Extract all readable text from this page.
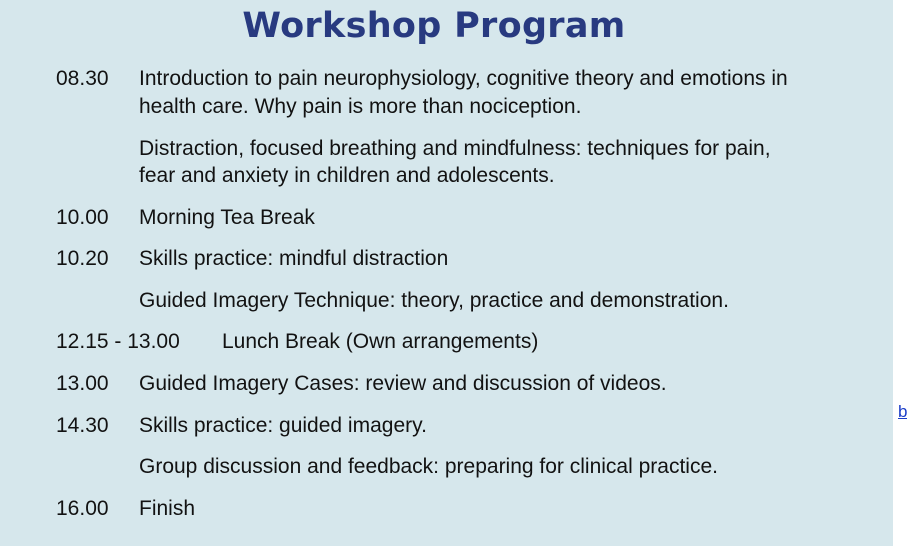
Workshop Program
08.30 Introduction to pain neurophysiology, cognitive theory and emotions in
health care. Why pain is more than nociception.
Distraction, focused breathing and mindfulness: techniques for pain,
fear and anxiety in children and adolescents.
10.00 Morning Tea Break
10.20 Skills practice: mindful distraction
Guided Imagery Technique: theory, practice and demonstration.
12.15 - 13.00 Lunch Break (Own arrangements)
13.00 Guided Imagery Cases: review and discussion of videos.
14.30 Skills practice: guided imagery.
Group discussion and feedback: preparing for clinical practice.
16.00 Finish
b
